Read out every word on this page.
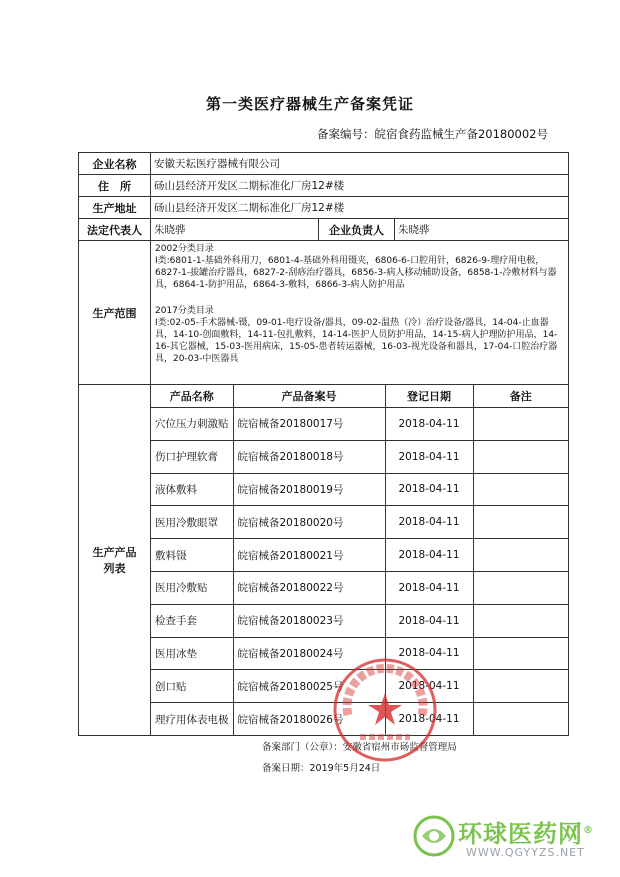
第一类医疗器械生产备案凭证
备案编号：皖宿食药监械生产备20180002号
企业名称	安徽天耘医疗器械有限公司
住　所	砀山县经济开发区二期标准化厂房12#楼
生产地址	砀山县经济开发区二期标准化厂房12#楼
法定代表人	朱晓骅	企业负责人	朱晓骅
生产范围	
2002分类目录
Ⅰ类:6801-1-基础外科用刀，6801-4-基础外科用镊夹，6806-6-口腔用针，6826-9-理疗用电极，6827-1-拔罐治疗器具，6827-2-刮痧治疗器具，6856-3-病人移动辅助设备，6858-1-冷敷材料与器具，6864-1-防护用品，6864-3-敷料，6866-3-病人防护用品
2017分类目录
Ⅰ类:02-05-手术器械-镊，09-01-电疗设备/器具，09-02-温热（冷）治疗设备/器具，14-04-止血器具，14-10-创面敷料，14-11-包扎敷料，14-14-医护人员防护用品，14-15-病人护理防护用品，14-16-其它器械，15-03-医用病床，15-05-患者转运器械，16-03-视光设备和器具，17-04-口腔治疗器具，20-03-中医器具

生产产品列表	
产品名称	产品备案号	登记日期	备注
穴位压力刺激贴	皖宿械备20180017号	2018-04-11	
伤口护理软膏	皖宿械备20180018号	2018-04-11	
液体敷料	皖宿械备20180019号	2018-04-11	
医用冷敷眼罩	皖宿械备20180020号	2018-04-11	
敷料镊	皖宿械备20180021号	2018-04-11	
医用冷敷贴	皖宿械备20180022号	2018-04-11	
检查手套	皖宿械备20180023号	2018-04-11	
医用冰垫	皖宿械备20180024号	2018-04-11	
创口贴	皖宿械备20180025号	2018-04-11	
理疗用体表电极	皖宿械备20180026号	2018-04-11	
备案部门（公章）：安徽省宿州市砀监督管理局
备案日期：2019年5月24日
环球医药网®
WWW.QGYYZS.NET
